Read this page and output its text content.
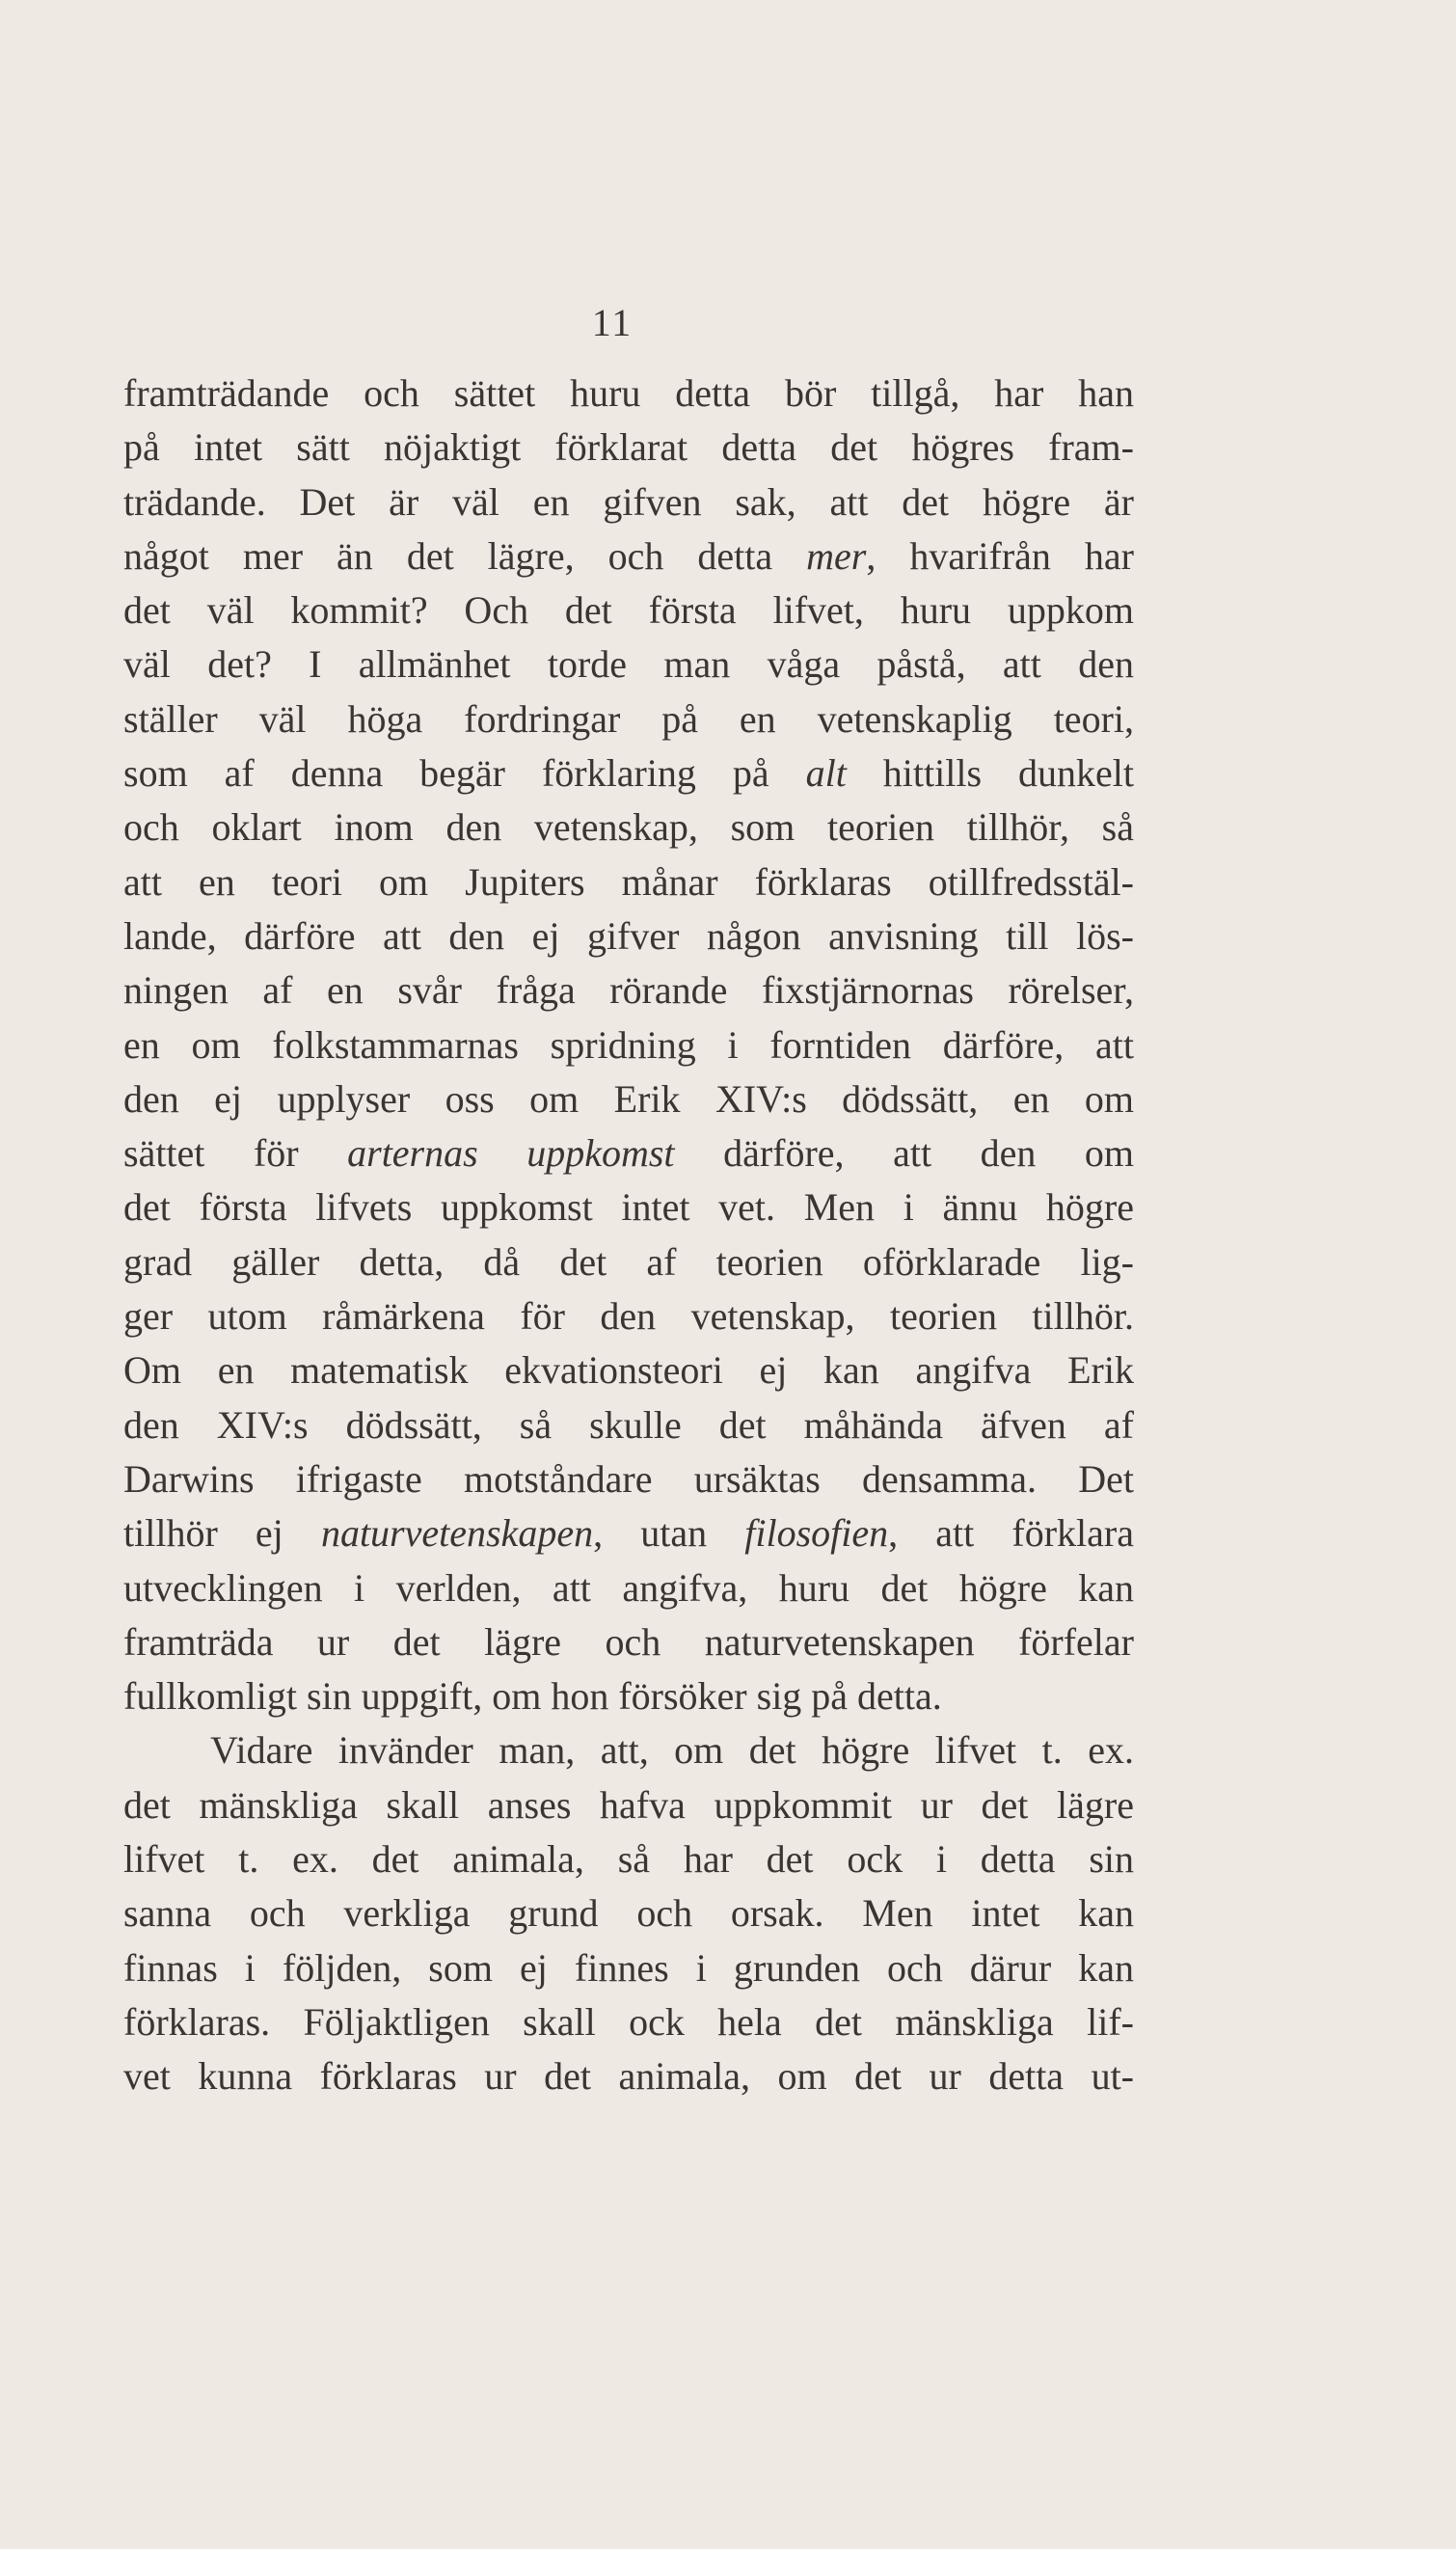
11
framträdande och sättet huru detta bör tillgå, har han
på intet sätt nöjaktigt förklarat detta det högres fram-
trädande. Det är väl en gifven sak, att det högre är
något mer än det lägre, och detta mer, hvarifrån har
det väl kommit? Och det första lifvet, huru uppkom
väl det? I allmänhet torde man våga påstå, att den
ställer väl höga fordringar på en vetenskaplig teori,
som af denna begär förklaring på alt hittills dunkelt
och oklart inom den vetenskap, som teorien tillhör, så
att en teori om Jupiters månar förklaras otillfredsstäl-
lande, därföre att den ej gifver någon anvisning till lös-
ningen af en svår fråga rörande fixstjärnornas rörelser,
en om folkstammarnas spridning i forntiden därföre, att
den ej upplyser oss om Erik XIV:s dödssätt, en om
sättet för arternas uppkomst därföre, att den om
det första lifvets uppkomst intet vet. Men i ännu högre
grad gäller detta, då det af teorien oförklarade lig-
ger utom råmärkena för den vetenskap, teorien tillhör.
Om en matematisk ekvationsteori ej kan angifva Erik
den XIV:s dödssätt, så skulle det måhända äfven af
Darwins ifrigaste motståndare ursäktas densamma. Det
tillhör ej naturvetenskapen, utan filosofien, att förklara
utvecklingen i verlden, att angifva, huru det högre kan
framträda ur det lägre och naturvetenskapen förfelar
fullkomligt sin uppgift, om hon försöker sig på detta.
Vidare invänder man, att, om det högre lifvet t. ex.
det mänskliga skall anses hafva uppkommit ur det lägre
lifvet t. ex. det animala, så har det ock i detta sin
sanna och verkliga grund och orsak. Men intet kan
finnas i följden, som ej finnes i grunden och därur kan
förklaras. Följaktligen skall ock hela det mänskliga lif-
vet kunna förklaras ur det animala, om det ur detta ut-
